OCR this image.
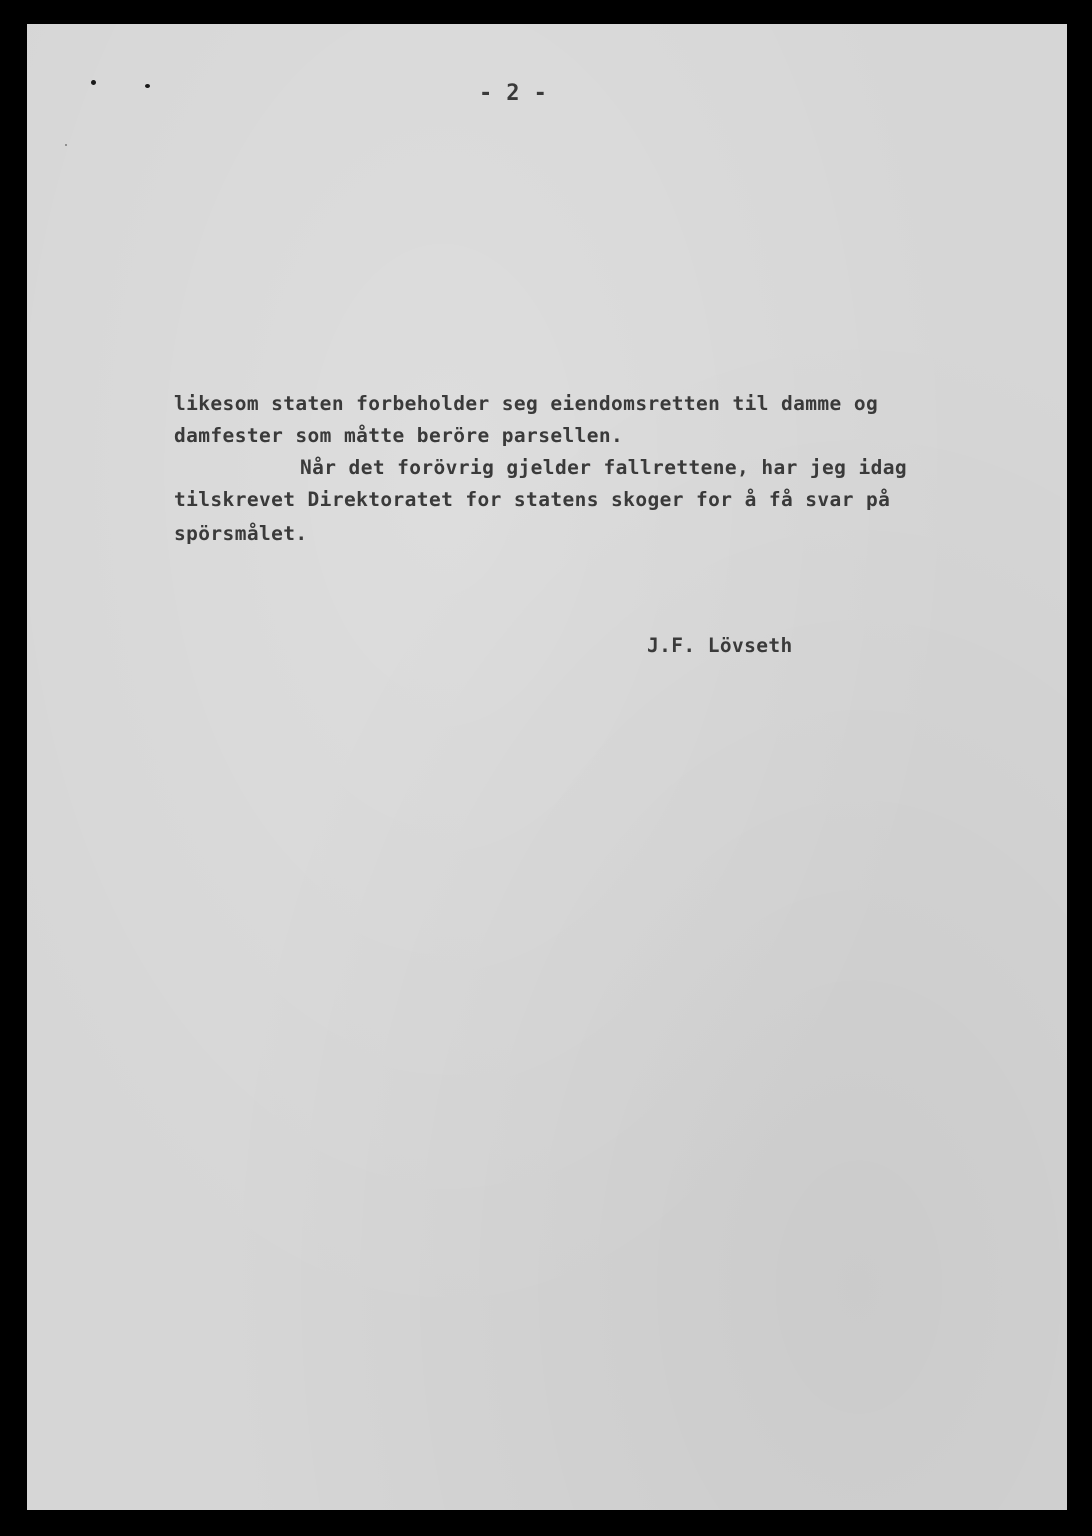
- 2 -
likesom staten forbeholder seg eiendomsretten til damme og
damfester som måtte beröre parsellen.
Når det forövrig gjelder fallrettene, har jeg idag
tilskrevet Direktoratet for statens skoger for å få svar på
spörsmålet.
J.F. Lövseth
